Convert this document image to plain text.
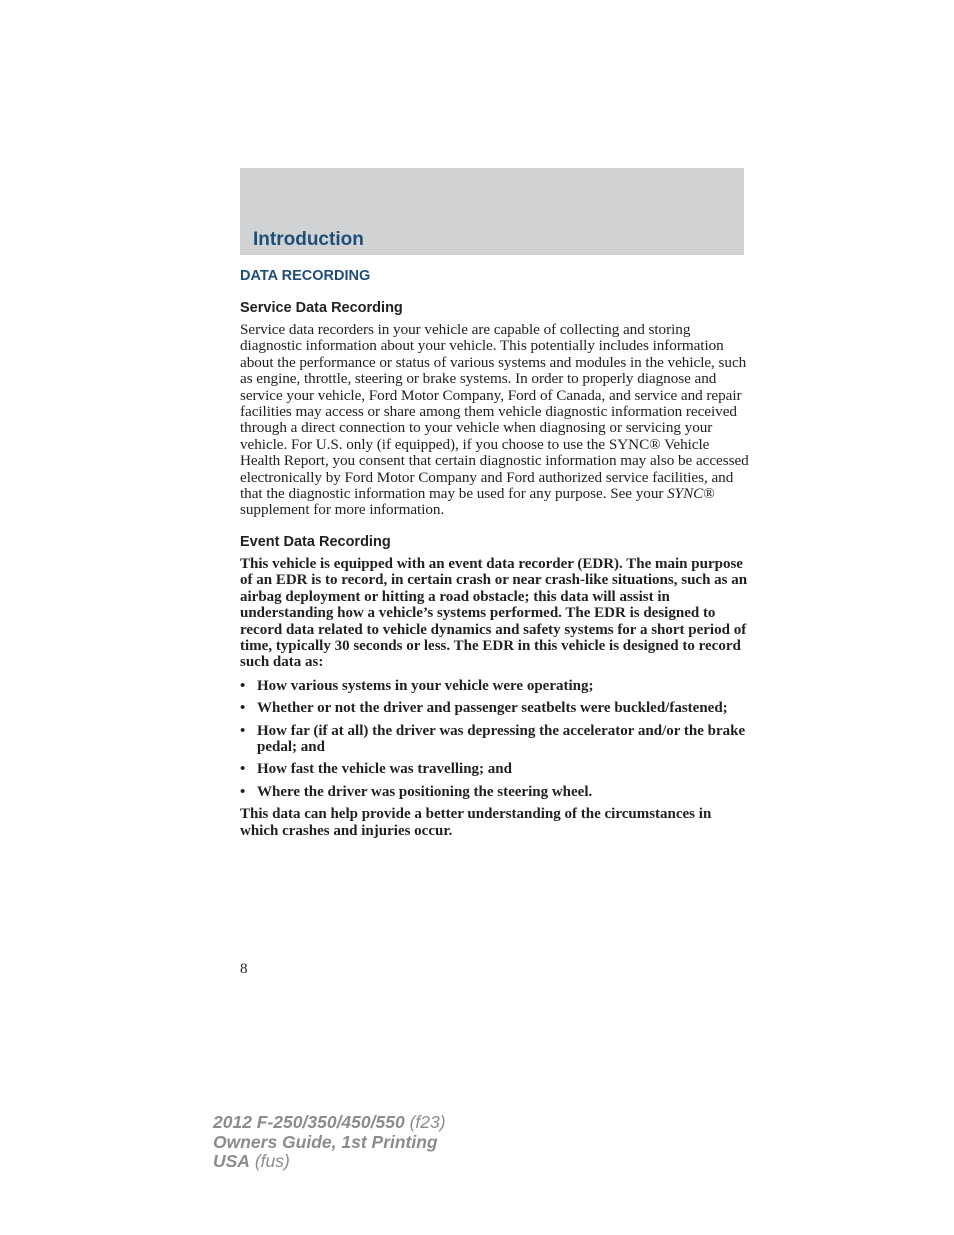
Introduction
DATA RECORDING
Service Data Recording

Service data recorders in your vehicle are capable of collecting and storing diagnostic information about your vehicle. This potentially includes information about the performance or status of various systems and modules in the vehicle, such as engine, throttle, steering or brake systems. In order to properly diagnose and service your vehicle, Ford Motor Company, Ford of Canada, and service and repair facilities may access or share among them vehicle diagnostic information received through a direct connection to your vehicle when diagnosing or servicing your vehicle. For U.S. only (if equipped), if you choose to use the SYNC® Vehicle Health Report, you consent that certain diagnostic information may also be accessed electronically by Ford Motor Company and Ford authorized service facilities, and that the diagnostic information may be used for any purpose. See your SYNC® supplement for more information.

Event Data Recording

This vehicle is equipped with an event data recorder (EDR). The main purpose of an EDR is to record, in certain crash or near crash-like situations, such as an airbag deployment or hitting a road obstacle; this data will assist in understanding how a vehicle’s systems performed. The EDR is designed to record data related to vehicle dynamics and safety systems for a short period of time, typically 30 seconds or less. The EDR in this vehicle is designed to record such data as:

• How various systems in your vehicle were operating;
• Whether or not the driver and passenger seatbelts were buckled/fastened;
• How far (if at all) the driver was depressing the accelerator and/or the brake pedal; and
• How fast the vehicle was travelling; and
• Where the driver was positioning the steering wheel.

This data can help provide a better understanding of the circumstances in which crashes and injuries occur.

8
2012 F-250/350/450/550 (f23)
Owners Guide, 1st Printing
USA (fus)
